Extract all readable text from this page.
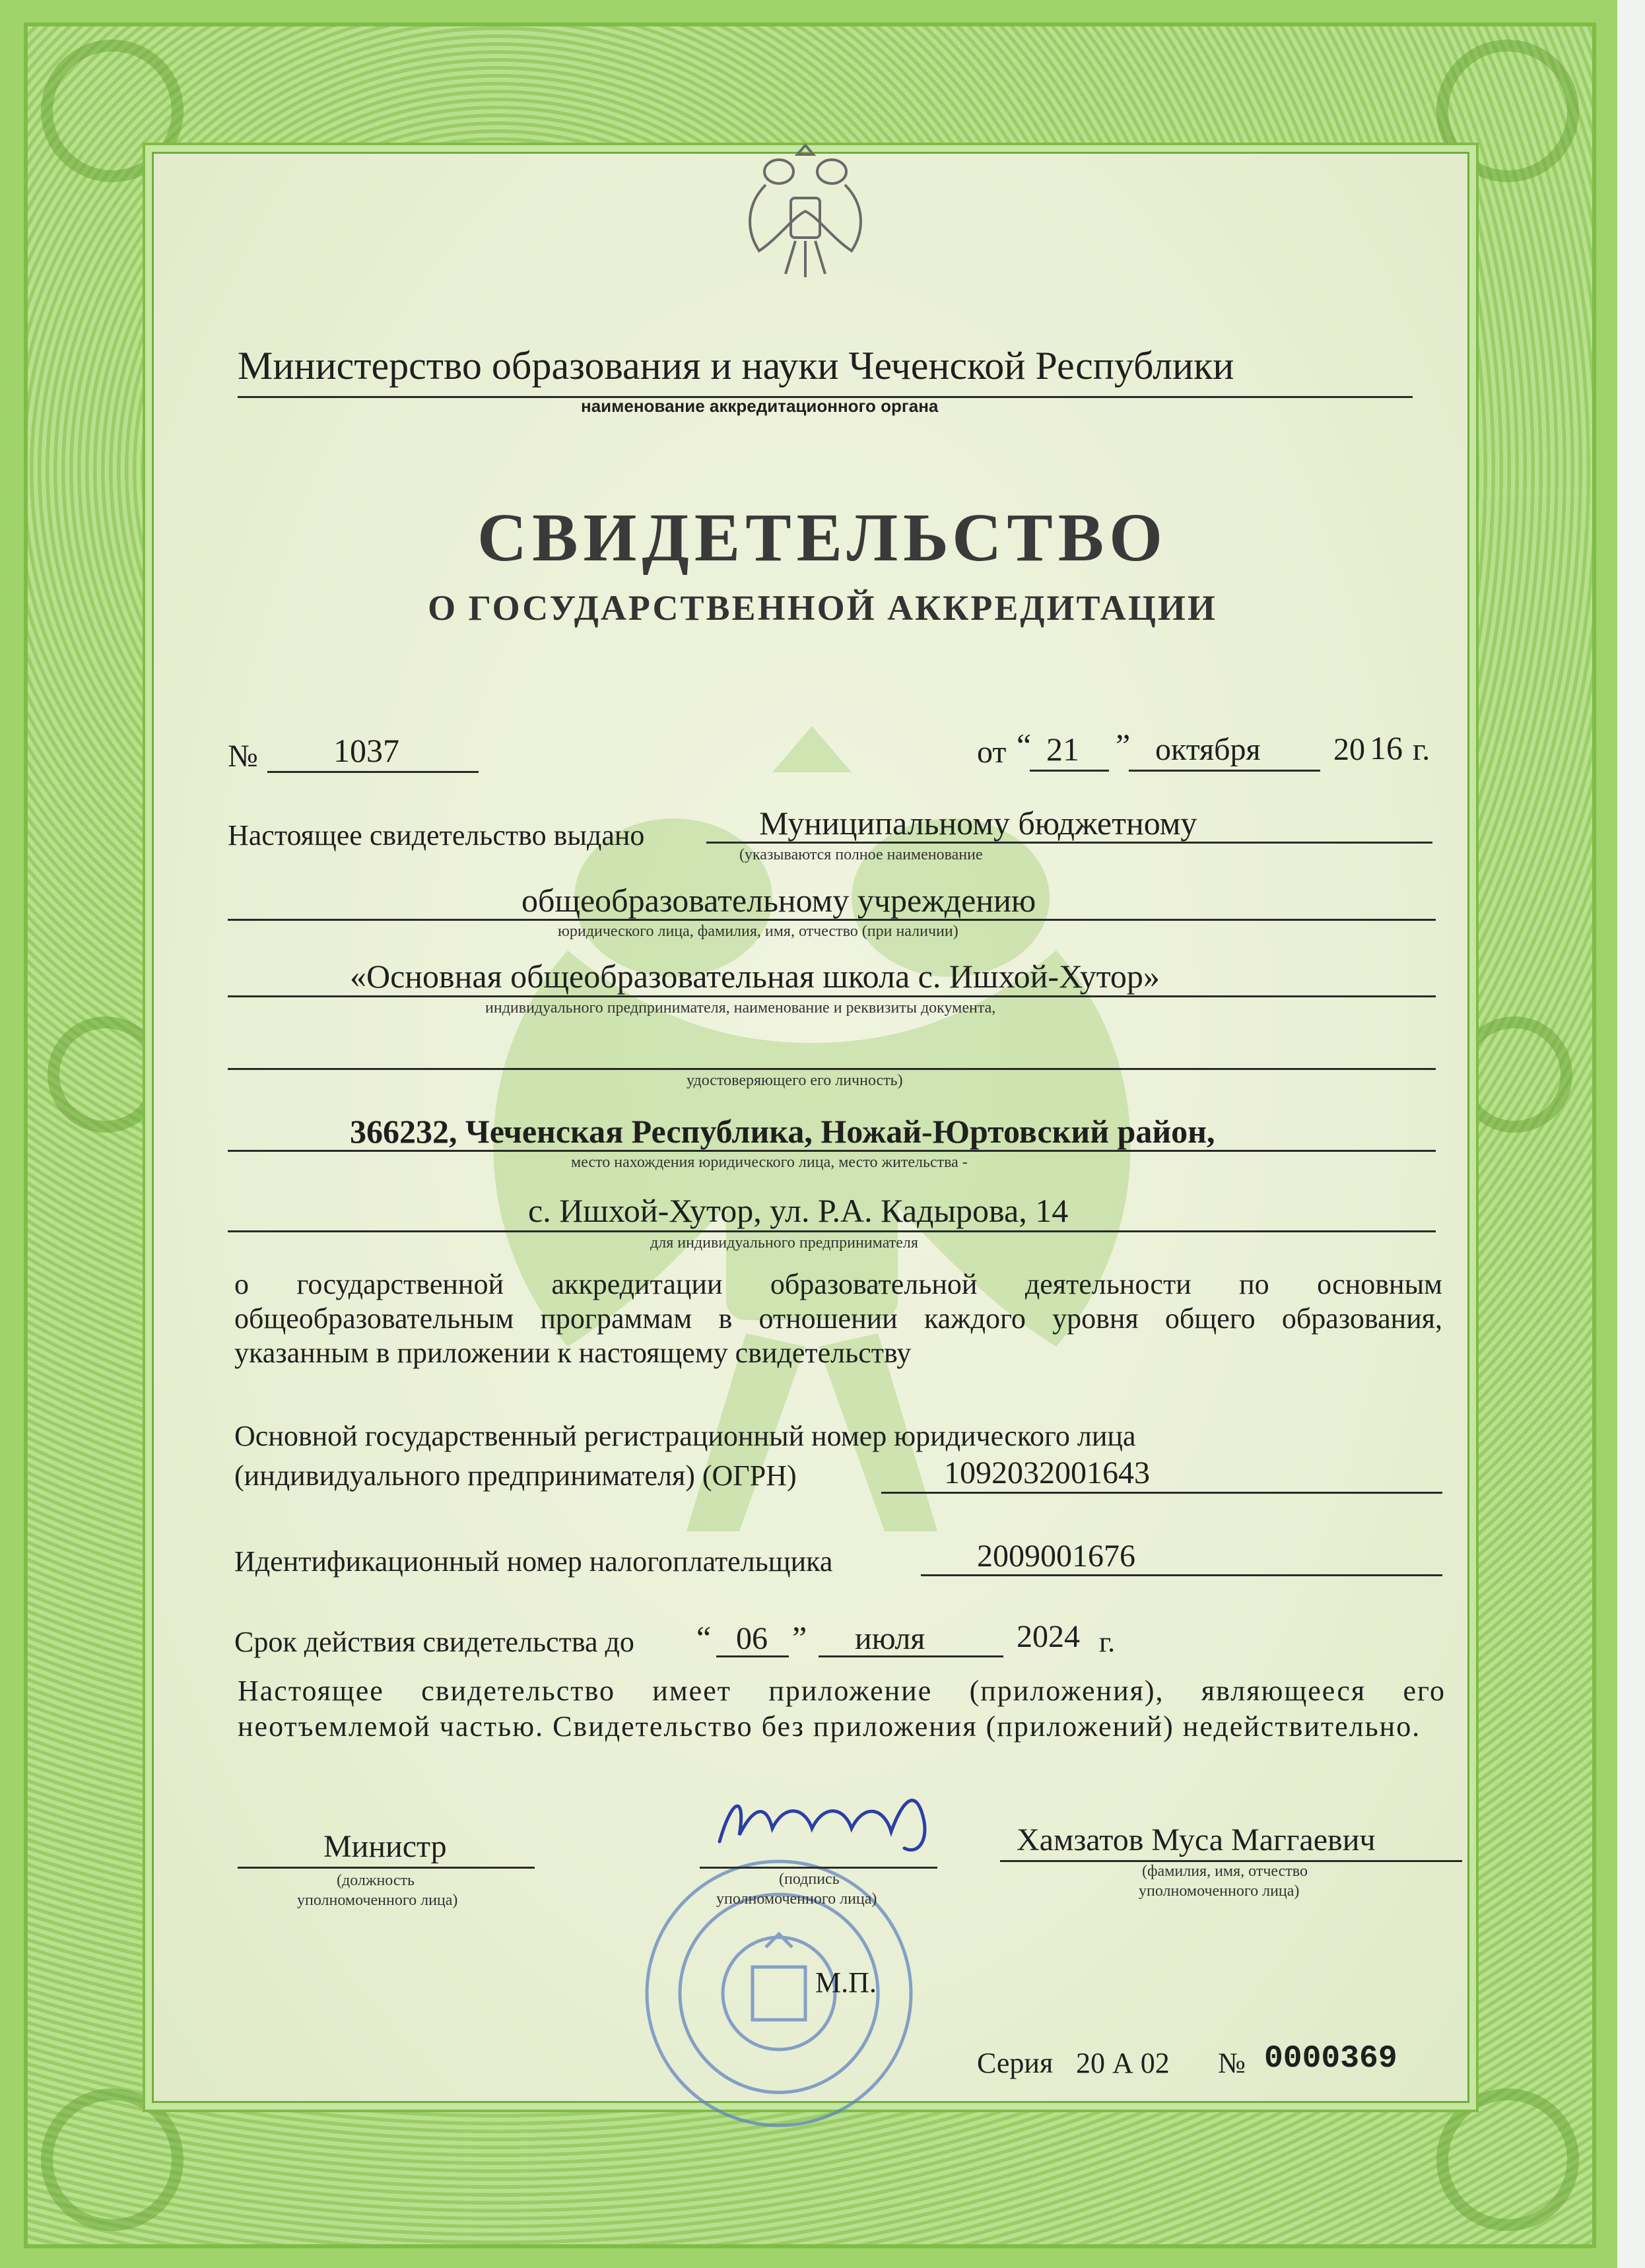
Министерство образования и науки Чеченской Республики
наименование аккредитационного органа
СВИДЕТЕЛЬСТВО
О ГОСУДАРСТВЕННОЙ АККРЕДИТАЦИИ
№ 1037	от “ 21 ” октября 20 16 г.
Настоящее свидетельство выдано	Муниципальному бюджетному
(указываются полное наименование
общеобразовательному учреждению
юридического лица, фамилия, имя, отчество (при наличии)
«Основная общеобразовательная школа с. Ишхой-Хутор»
индивидуального предпринимателя, наименование и реквизиты документа,
удостоверяющего его личность)
366232, Чеченская Республика, Ножай-Юртовский район,
место нахождения юридического лица, место жительства -
с. Ишхой-Хутор, ул. Р.А. Кадырова, 14
для индивидуального предпринимателя
о государственной аккредитации образовательной деятельности по основным общеобразовательным программам в отношении каждого уровня общего образования, указанным в приложении к настоящему свидетельству
Основной государственный регистрационный номер юридического лица
(индивидуального предпринимателя) (ОГРН)	1092032001643
Идентификационный номер налогоплательщика	2009001676
Срок действия свидетельства до “ 06 ” июля	2024 г.
Настоящее свидетельство имеет приложение (приложения), являющееся его неотъемлемой частью. Свидетельство без приложения (приложений) недействительно.
Министр
(должность
уполномоченного лица)
(подпись
уполномоченного лица)
Хамзатов Муса Маггаевич
(фамилия, имя, отчество
уполномоченного лица)
М.П.
Серия 20 А 02 № 0000369
